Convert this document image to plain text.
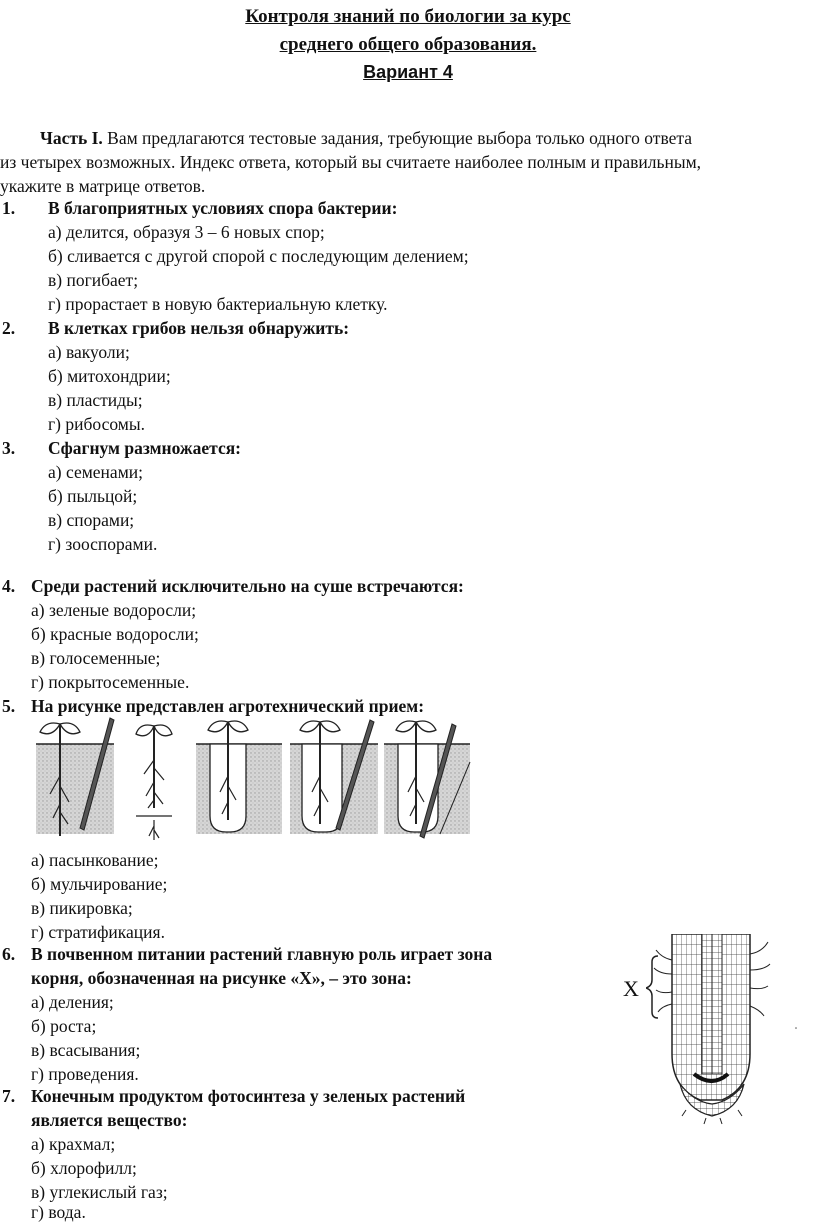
Контроля знаний по биологии за курс
среднего общего образования.
Вариант 4
Часть I. Вам предлагаются тестовые задания, требующие выбора только одного ответа
из четырех возможных. Индекс ответа, который вы считаете наиболее полным и правильным,
укажите в матрице ответов.
1. В благоприятных условиях спора бактерии:
а) делится, образуя 3 – 6 новых спор;
б) сливается с другой спорой с последующим делением;
в) погибает;
г) прорастает в новую бактериальную клетку.
2. В клетках грибов нельзя обнаружить:
а) вакуоли;
б) митохондрии;
в) пластиды;
г) рибосомы.
3. Сфагнум размножается:
а) семенами;
б) пыльцой;
в) спорами;
г) зооспорами.
4. Среди растений исключительно на суше встречаются:
а) зеленые водоросли;
б) красные водоросли;
в) голосеменные;
г) покрытосеменные.
5. На рисунке представлен агротехнический прием:
а) пасынкование;
б) мульчирование;
в) пикировка;
г) стратификация.
6. В почвенном питании растений главную роль играет зона
корня, обозначенная на рисунке «Х», – это зона:
а) деления;
б) роста;
в) всасывания;
г) проведения.
7. Конечным продуктом фотосинтеза у зеленых растений
является вещество:
а) крахмал;
б) хлорофилл;
в) углекислый газ;
г) вода.
X
